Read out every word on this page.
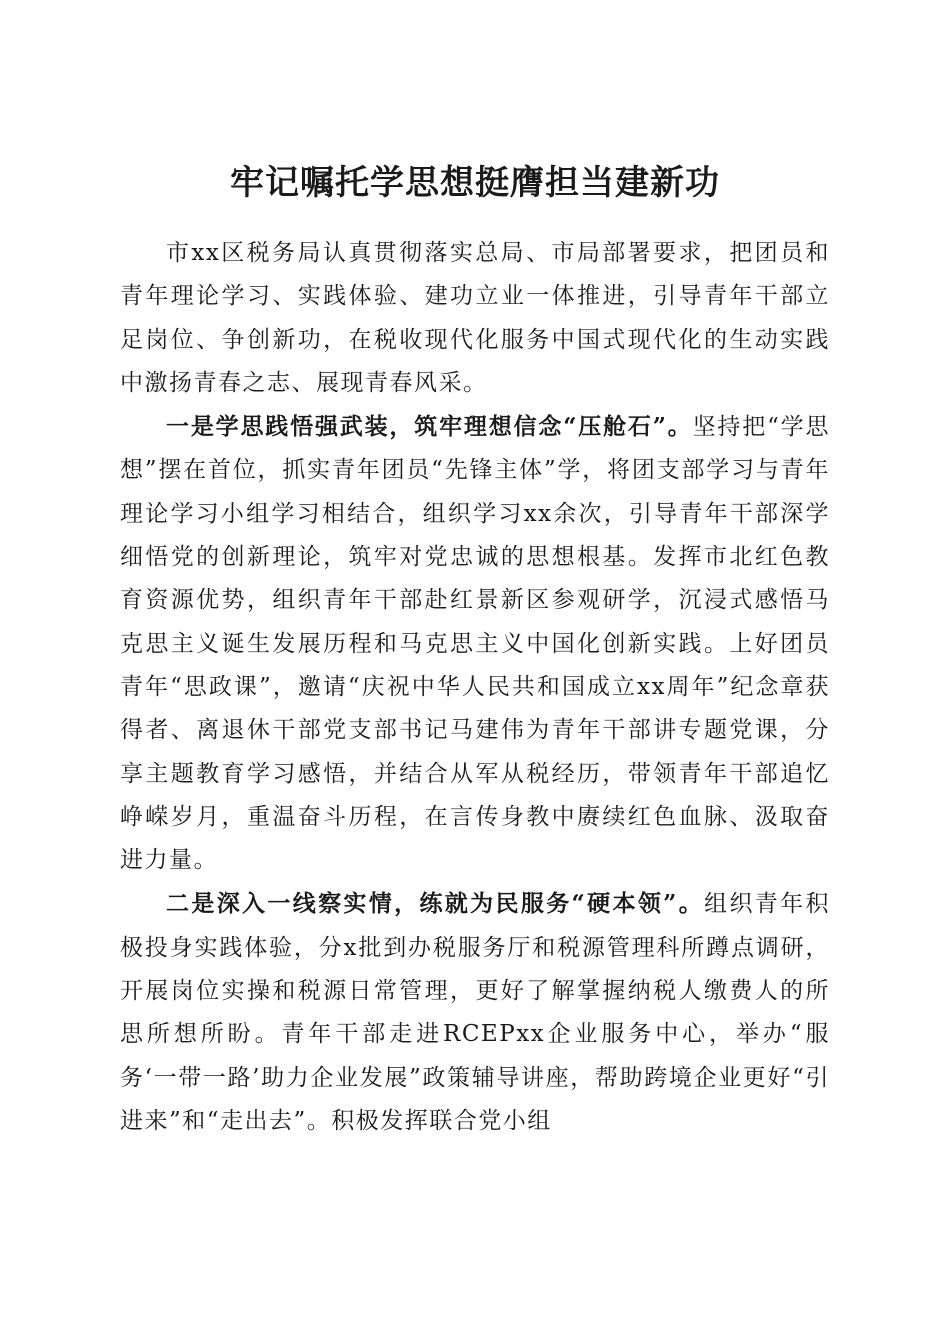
牢记嘱托学思想挺膺担当建新功

市xx区税务局认真贯彻落实总局、市局部署要求，把团员和青年理论学习、实践体验、建功立业一体推进，引导青年干部立足岗位、争创新功，在税收现代化服务中国式现代化的生动实践中激扬青春之志、展现青春风采。

一是学思践悟强武装，筑牢理想信念“压舱石”。坚持把“学思想”摆在首位，抓实青年团员“先锋主体”学，将团支部学习与青年理论学习小组学习相结合，组织学习xx余次，引导青年干部深学细悟党的创新理论，筑牢对党忠诚的思想根基。发挥市北红色教育资源优势，组织青年干部赴红景新区参观研学，沉浸式感悟马克思主义诞生发展历程和马克思主义中国化创新实践。上好团员青年“思政课”，邀请“庆祝中华人民共和国成立xx周年”纪念章获得者、离退休干部党支部书记马建伟为青年干部讲专题党课，分享主题教育学习感悟，并结合从军从税经历，带领青年干部追忆峥嵘岁月，重温奋斗历程，在言传身教中赓续红色血脉、汲取奋进力量。

二是深入一线察实情，练就为民服务“硬本领”。组织青年积极投身实践体验，分x批到办税服务厅和税源管理科所蹲点调研，开展岗位实操和税源日常管理，更好了解掌握纳税人缴费人的所思所想所盼。青年干部走进RCEPxx企业服务中心，举办“服务‘一带一路’助力企业发展”政策辅导讲座，帮助跨境企业更好“引进来”和“走出去”。积极发挥联合党小组
